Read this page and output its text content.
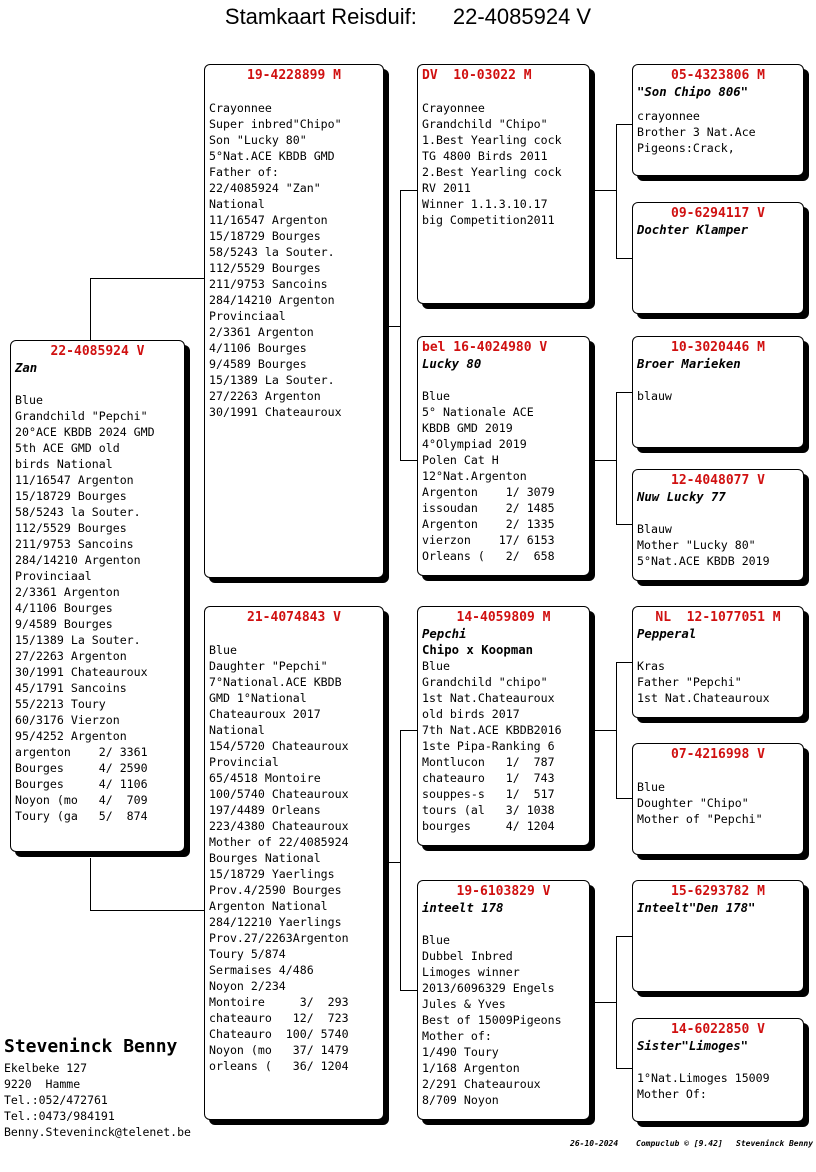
Stamkaart Reisduif: 22-4085924 V
22-4085924 V
Zan
Blue
Grandchild "Pepchi"
20°ACE KBDB 2024 GMD
5th ACE GMD old
birds National
11/16547 Argenton
15/18729 Bourges
58/5243 la Souter.
112/5529 Bourges
211/9753 Sancoins
284/14210 Argenton
Provinciaal
2/3361 Argenton
4/1106 Bourges
9/4589 Bourges
15/1389 La Souter.
27/2263 Argenton
30/1991 Chateauroux
45/1791 Sancoins
55/2213 Toury
60/3176 Vierzon
95/4252 Argenton
argenton    2/ 3361
Bourges     4/ 2590
Bourges     4/ 1106
Noyon (mo   4/  709
Toury (ga   5/  874
19-4228899 M
Crayonnee
Super inbred"Chipo"
Son "Lucky 80"
5°Nat.ACE KBDB GMD
Father of:
22/4085924 "Zan"
National
11/16547 Argenton
15/18729 Bourges
58/5243 la Souter.
112/5529 Bourges
211/9753 Sancoins
284/14210 Argenton
Provinciaal
2/3361 Argenton
4/1106 Bourges
9/4589 Bourges
15/1389 La Souter.
27/2263 Argenton
30/1991 Chateauroux
21-4074843 V
Blue
Daughter "Pepchi"
7°National.ACE KBDB
GMD 1°National
Chateauroux 2017
National
154/5720 Chateauroux
Provincial
65/4518 Montoire
100/5740 Chateauroux
197/4489 Orleans
223/4380 Chateauroux
Mother of 22/4085924
Bourges National
15/18729 Yaerlings
Prov.4/2590 Bourges
Argenton National
284/12210 Yaerlings
Prov.27/2263Argenton
Toury 5/874
Sermaises 4/486
Noyon 2/234
Montoire     3/  293
chateauro   12/  723
Chateauro  100/ 5740
Noyon (mo   37/ 1479
orleans (   36/ 1204
DV  10-03022 M
Crayonnee
Grandchild "Chipo"
1.Best Yearling cock
TG 4800 Birds 2011
2.Best Yearling cock
RV 2011
Winner 1.1.3.10.17
big Competition2011
bel 16-4024980 V
Lucky 80
Blue
5° Nationale ACE
KBDB GMD 2019
4°Olympiad 2019
Polen Cat H
12°Nat.Argenton
Argenton    1/ 3079
issoudan    2/ 1485
Argenton    2/ 1335
vierzon    17/ 6153
Orleans (   2/  658
14-4059809 M
Pepchi
Chipo x Koopman
Blue
Grandchild "chipo"
1st Nat.Chateauroux
old birds 2017
7th Nat.ACE KBDB2016
1ste Pipa-Ranking 6
Montlucon   1/  787
chateauro   1/  743
souppes-s   1/  517
tours (al   3/ 1038
bourges     4/ 1204
19-6103829 V
inteelt 178
Blue
Dubbel Inbred
Limoges winner
2013/6096329 Engels
Jules & Yves
Best of 15009Pigeons
Mother of:
1/490 Toury
1/168 Argenton
2/291 Chateauroux
8/709 Noyon
05-4323806 M
"Son Chipo 806"
crayonnee
Brother 3 Nat.Ace
Pigeons:Crack,
09-6294117 V
Dochter Klamper
10-3020446 M
Broer Marieken
blauw
12-4048077 V
Nuw Lucky 77
Blauw
Mother "Lucky 80"
5°Nat.ACE KBDB 2019
NL  12-1077051 M
Pepperal
Kras
Father "Pepchi"
1st Nat.Chateauroux
07-4216998 V
Blue
Doughter "Chipo"
Mother of "Pepchi"
15-6293782 M
Inteelt"Den 178"
14-6022850 V
Sister"Limoges"
1°Nat.Limoges 15009
Mother Of:
Steveninck Benny
Ekelbeke 127
9220  Hamme
Tel.:052/472761
Tel.:0473/984191
Benny.Steveninck@telenet.be
26-10-2024 Compuclub © [9.42] Steveninck Benny
